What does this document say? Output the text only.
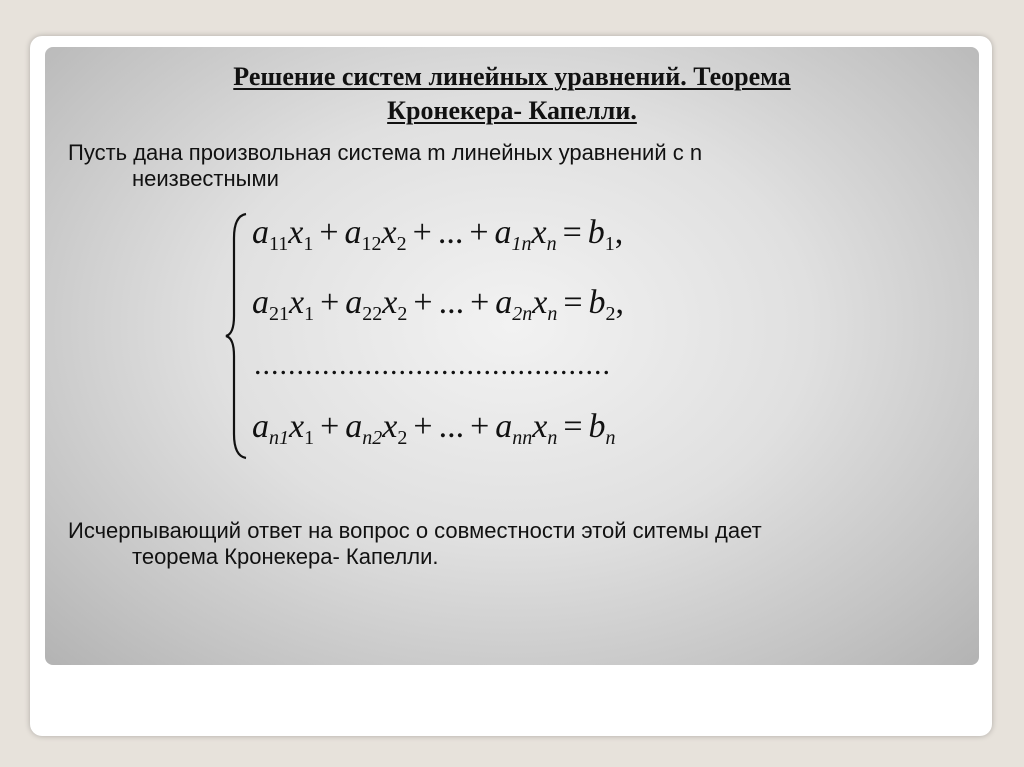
Решение систем линейных уравнений. Теорема
Кронекера- Капелли.
Пусть дана произвольная система m линейных уравнений с n
неизвестными
$a_{11}x_1 + a_{12}x_2$ + ... + $a_{1n}x_n = b_1$,
$a_{21}x_1 + a_{22}x_2$ + ... + $a_{2n}x_n = b_2$,
..........................................
$a_{n1}x_1 + a_{n2}x_2$ + ... + $a_{nn}x_n = b_n$
Исчерпывающий ответ на вопрос о совместности этой ситемы дает
теорема Кронекера- Капелли.
